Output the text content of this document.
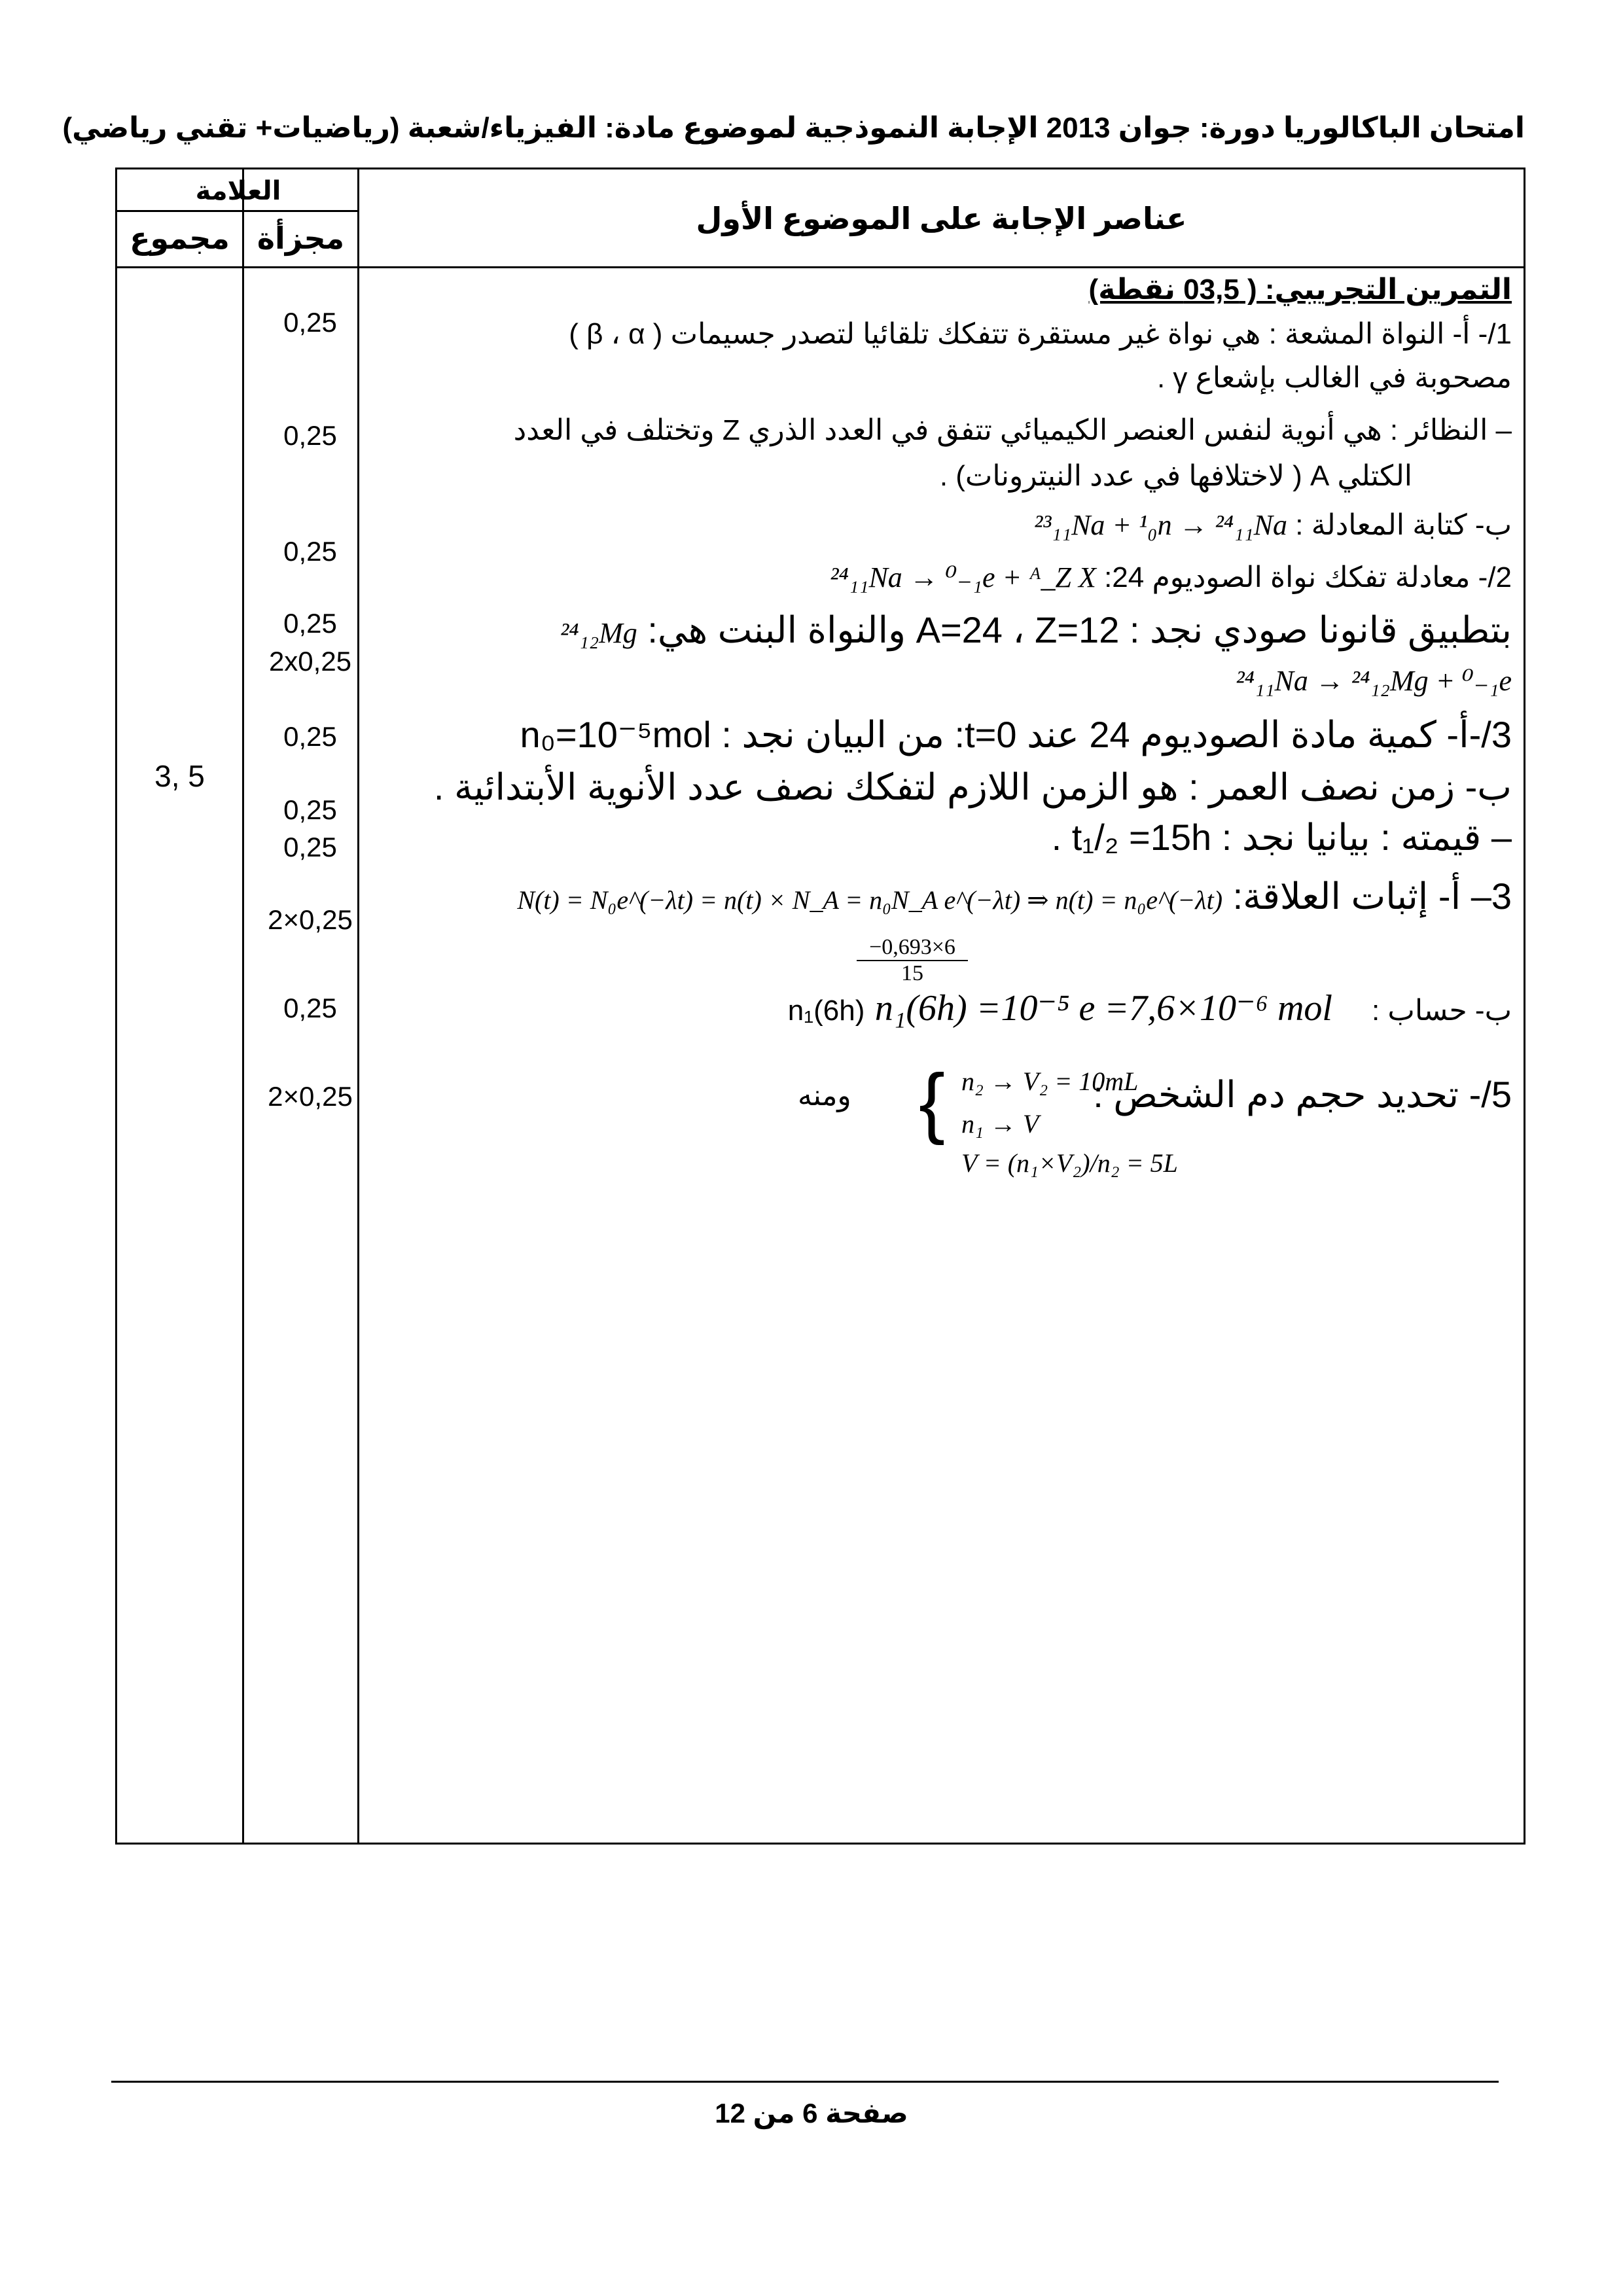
امتحان الباكالوريا دورة: جوان 2013 الإجابة النموذجية لموضوع مادة: الفيزياء/شعبة (رياضيات+ تقني رياضي)
العلامة
مجموع مجزأة
عناصر الإجابة على الموضوع الأول
3, 5
0,25
0,25
0,25
0,25
2x0,25
0,25
0,25
0,25
2×0,25
0,25
2×0,25
التمرين التجريبي: ( 03,5 نقطة)
1/- أ- النواة المشعة : هي نواة غير مستقرة تتفكك تلقائيا لتصدر جسيمات ( β ، α )
مصحوبة في الغالب بإشعاع γ .
– النظائر : هي أنوية لنفس العنصر الكيميائي تتفق في العدد الذري Z وتختلف في العدد
الكتلي A ( لاختلافها في عدد النيترونات) .
ب- كتابة المعادلة : ²³₁₁Na + ¹₀n → ²⁴₁₁Na
2/- معادلة تفكك نواة الصوديوم 24: ²⁴₁₁Na → ⁰₋₁e + ᴬ_Z X
بتطبيق قانونا صودي نجد : A=24 ، Z=12 والنواة البنت هي: ²⁴₁₂Mg
²⁴₁₁Na → ²⁴₁₂Mg + ⁰₋₁e
3/-أ- كمية مادة الصوديوم 24 عند t=0: من البيان نجد : n₀=10⁻⁵mol
ب- زمن نصف العمر : هو الزمن اللازم لتفكك نصف عدد الأنوية الأبتدائية .
– قيمته : بيانيا نجد : t₁/₂ =15h .
3– أ- إثبات العلاقة: N(t) = N₀e^(−λt) = n(t) × N_A = n₀N_A e^(−λt) ⇒ n(t) = n₀e^(−λt)
$\frac{-0,693\times 6}{15}$
ب- حساب :n₁(6h) n₁(6h) =10⁻⁵ e =7,6×10⁻⁶ mol
5/- تحديد حجم دم الشخص :
{ n₂ → V₂ = 10mL
n₁ → V
ومنه
V = (n₁×V₂)/n₂ = 5L
صفحة 6 من 12
